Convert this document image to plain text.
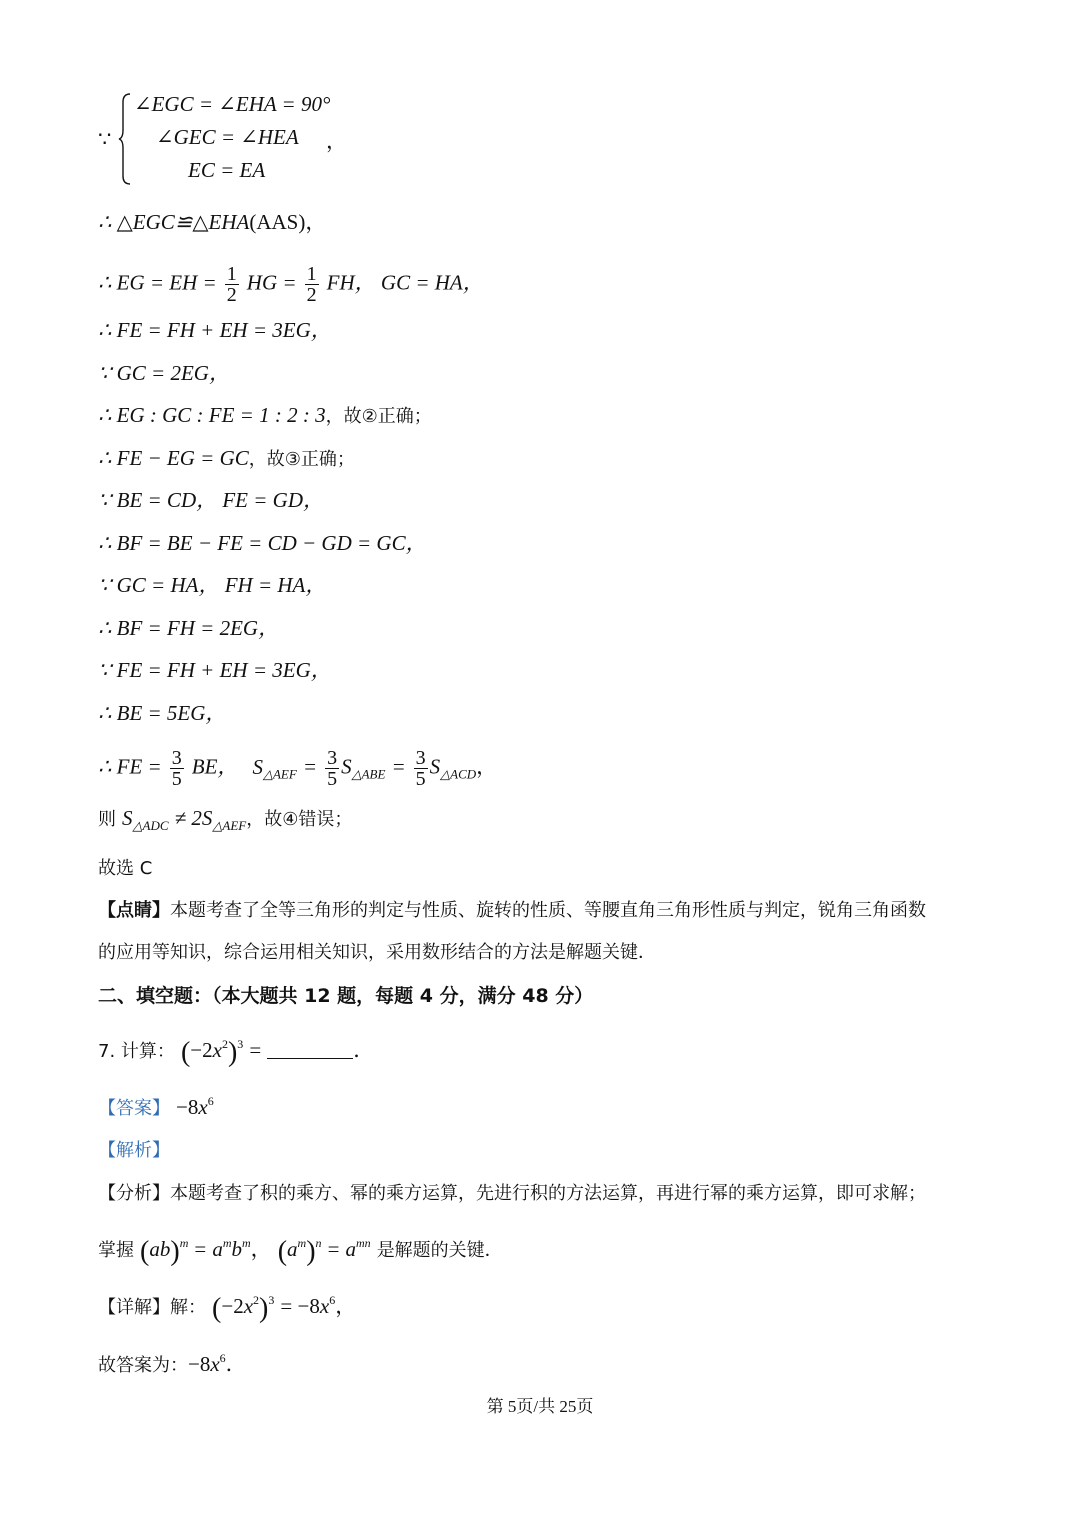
∵
∠EGC = ∠EHA = 90°
∠GEC = ∠HEA ，
EC = EA
∴ △EGC≌△EHA(AAS)，
∴ EG = EH = $\frac{1}{2}$ HG = $\frac{1}{2}$ FH， GC = HA，
∴ FE = FH + EH = 3EG，
∵ GC = 2EG，
∴ EG : GC : FE = 1 : 2 : 3，故②正确；
∴ FE − EG = GC，故③正确；
∵ BE = CD， FE = GD，
∴ BF = BE − FE = CD − GD = GC，
∵ GC = HA， FH = HA，
∴ BF = FH = 2EG，
∵ FE = FH + EH = 3EG，
∴ BE = 5EG，
∴ FE = $\frac{3}{5}$ BE， $S_{\triangle AEF} = \frac{3}{5} S_{\triangle ABE} = \frac{3}{5} S_{\triangle ACD}$，
则 $S_{\triangle ADC} \ne 2S_{\triangle AEF}$，故④错误；
故选 C
【点睛】本题考查了全等三角形的判定与性质、旋转的性质、等腰直角三角形性质与判定，锐角三角函数
的应用等知识，综合运用相关知识，采用数形结合的方法是解题关键．
二、填空题：（本大题共 12 题，每题 4 分，满分 48 分）
7. 计算： $(-2x^2)^3$ =	．
【答案】 $-8x^6$
【解析】
【分析】本题考查了积的乘方、幂的乘方运算，先进行积的方法运算，再进行幂的乘方运算，即可求解；
掌握 $(ab)^m = a^mb^m$， $(a^m)^n = a^{mn}$ 是解题的关键．
【详解】解： $(-2x^2)^3 = -8x^6$，
故答案为：$-8x^6$．
第 5页/共 25页
